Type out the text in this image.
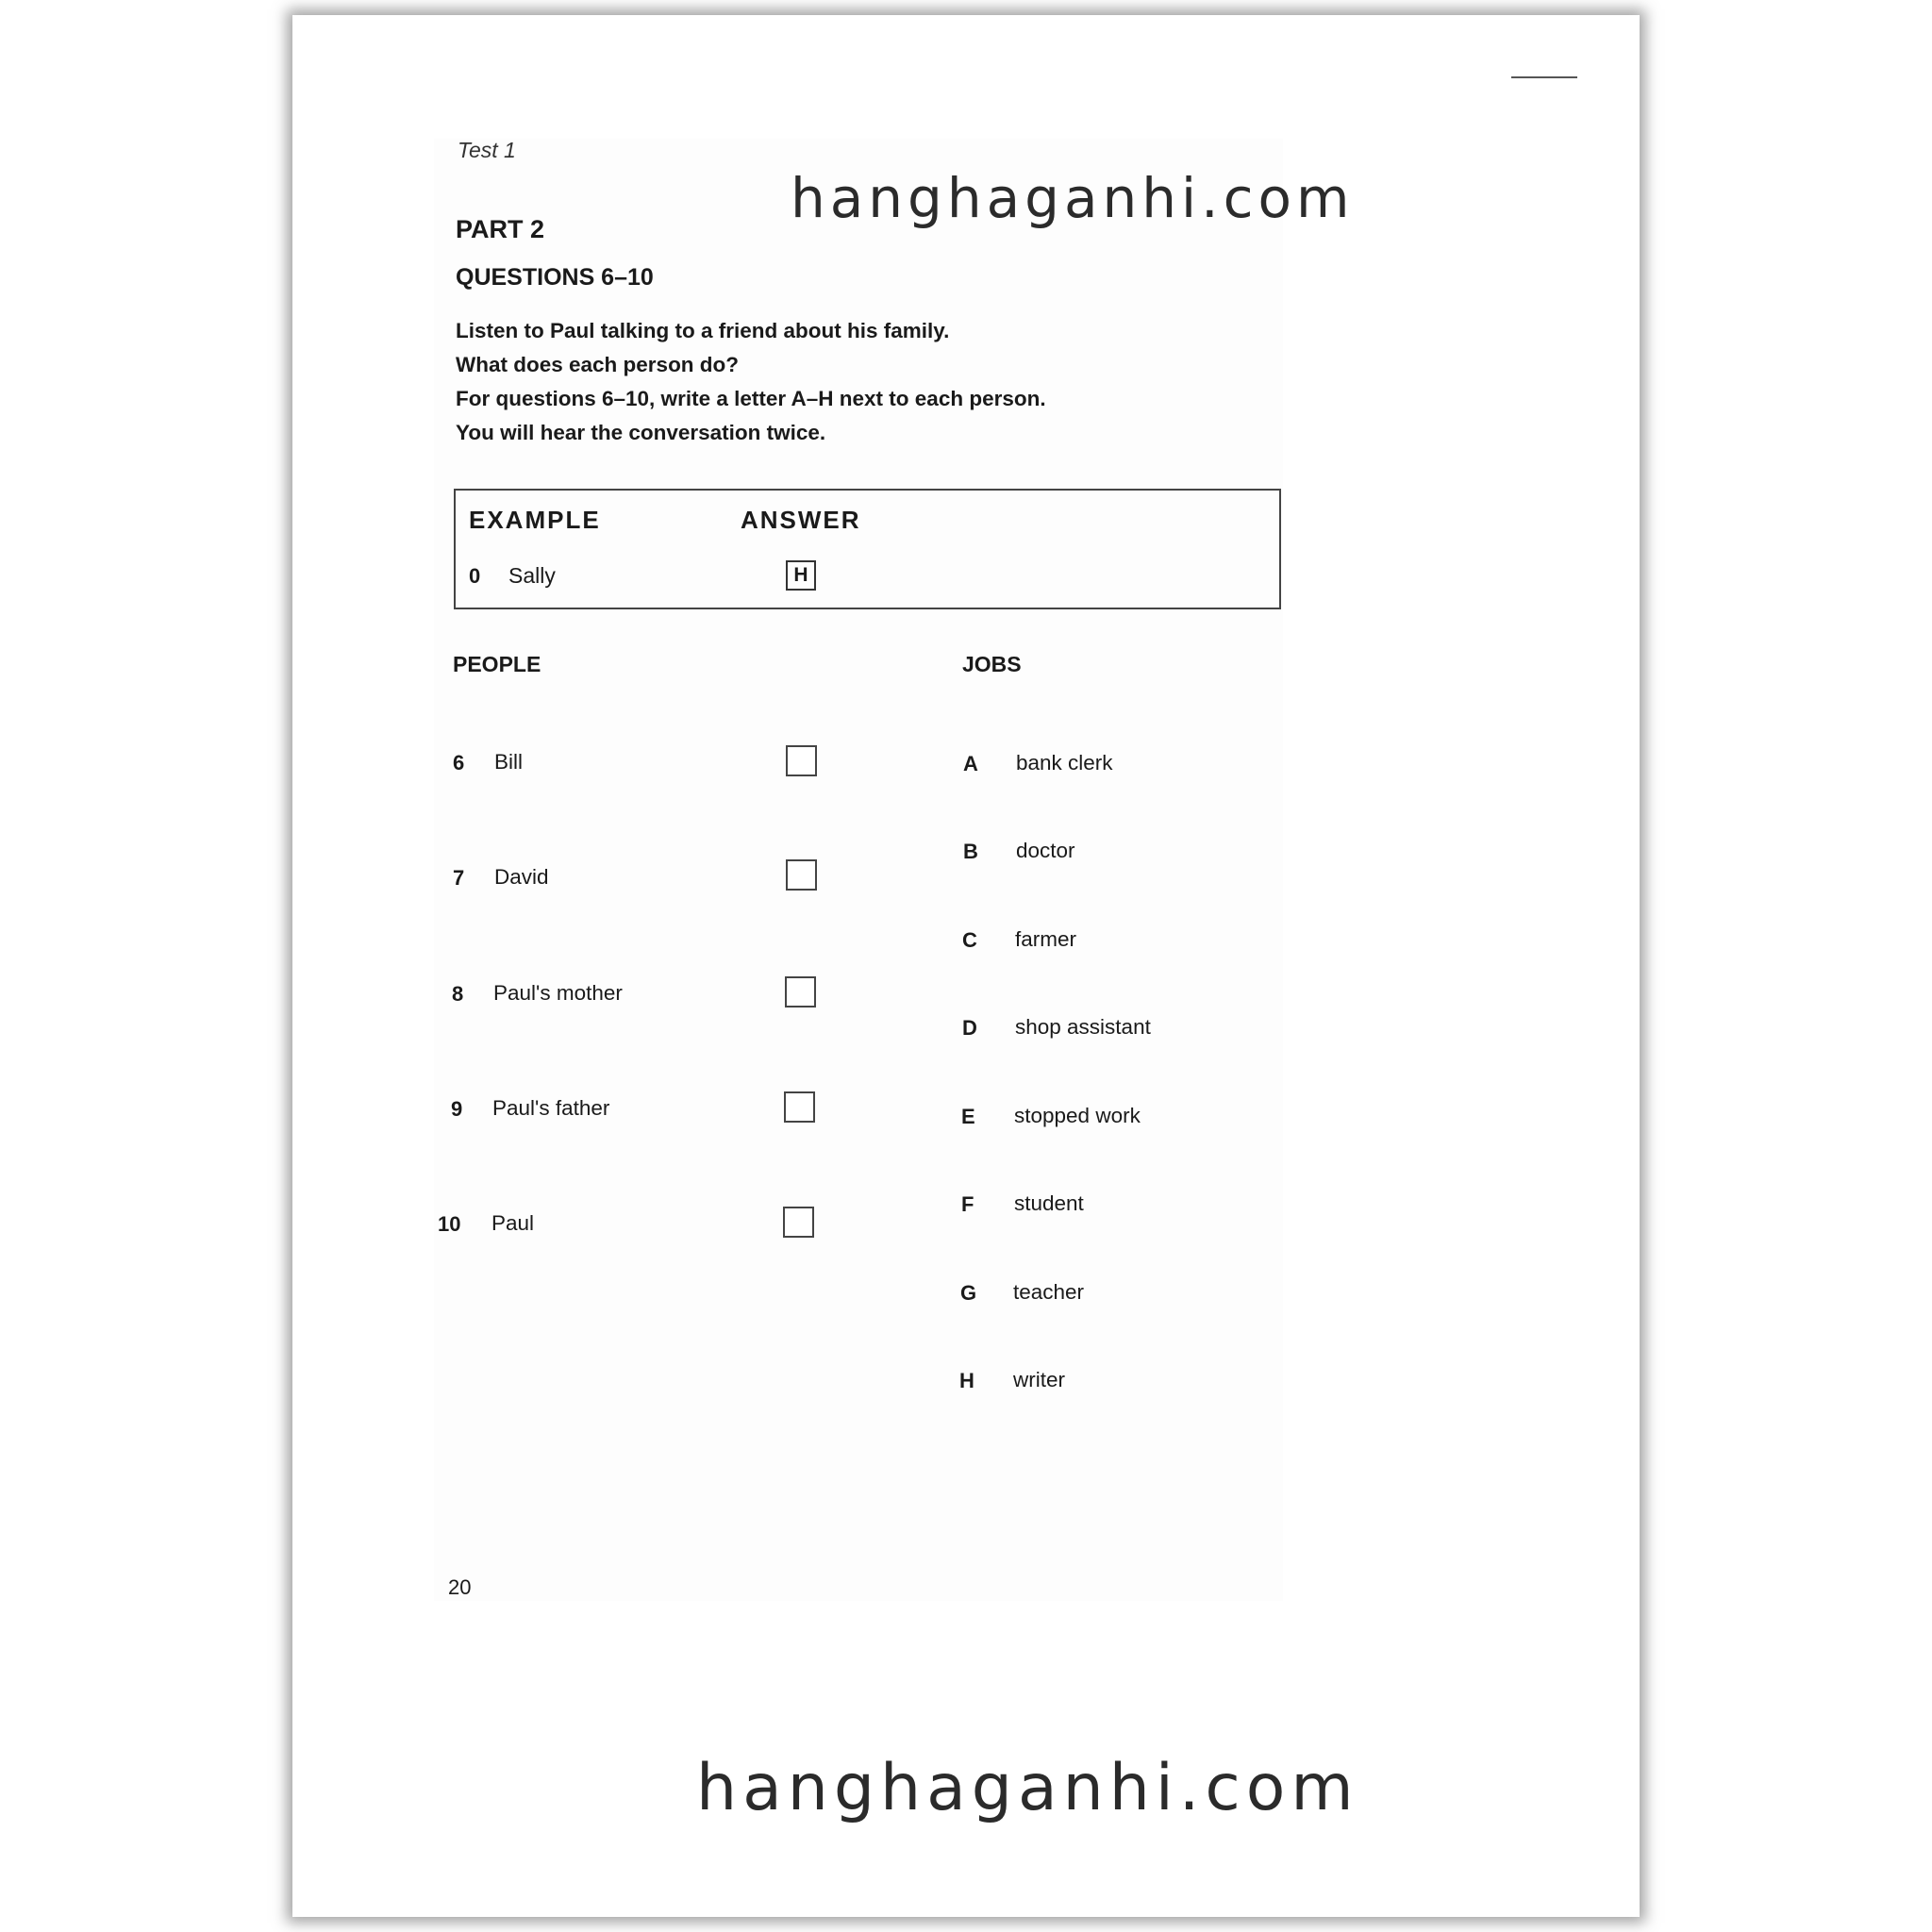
Test 1
hanghaganhi.com
PART 2
QUESTIONS 6–10
Listen to Paul talking to a friend about his family.
What does each person do?
For questions 6–10, write a letter A–H next to each person.
You will hear the conversation twice.
EXAMPLE	ANSWER
0 Sally	H
PEOPLE	JOBS
6 Bill
7 David
8 Paul's mother
9 Paul's father
10 Paul
A bank clerk
B doctor
C farmer
D shop assistant
E stopped work
F student
G teacher
H writer
20
hanghaganhi.com
